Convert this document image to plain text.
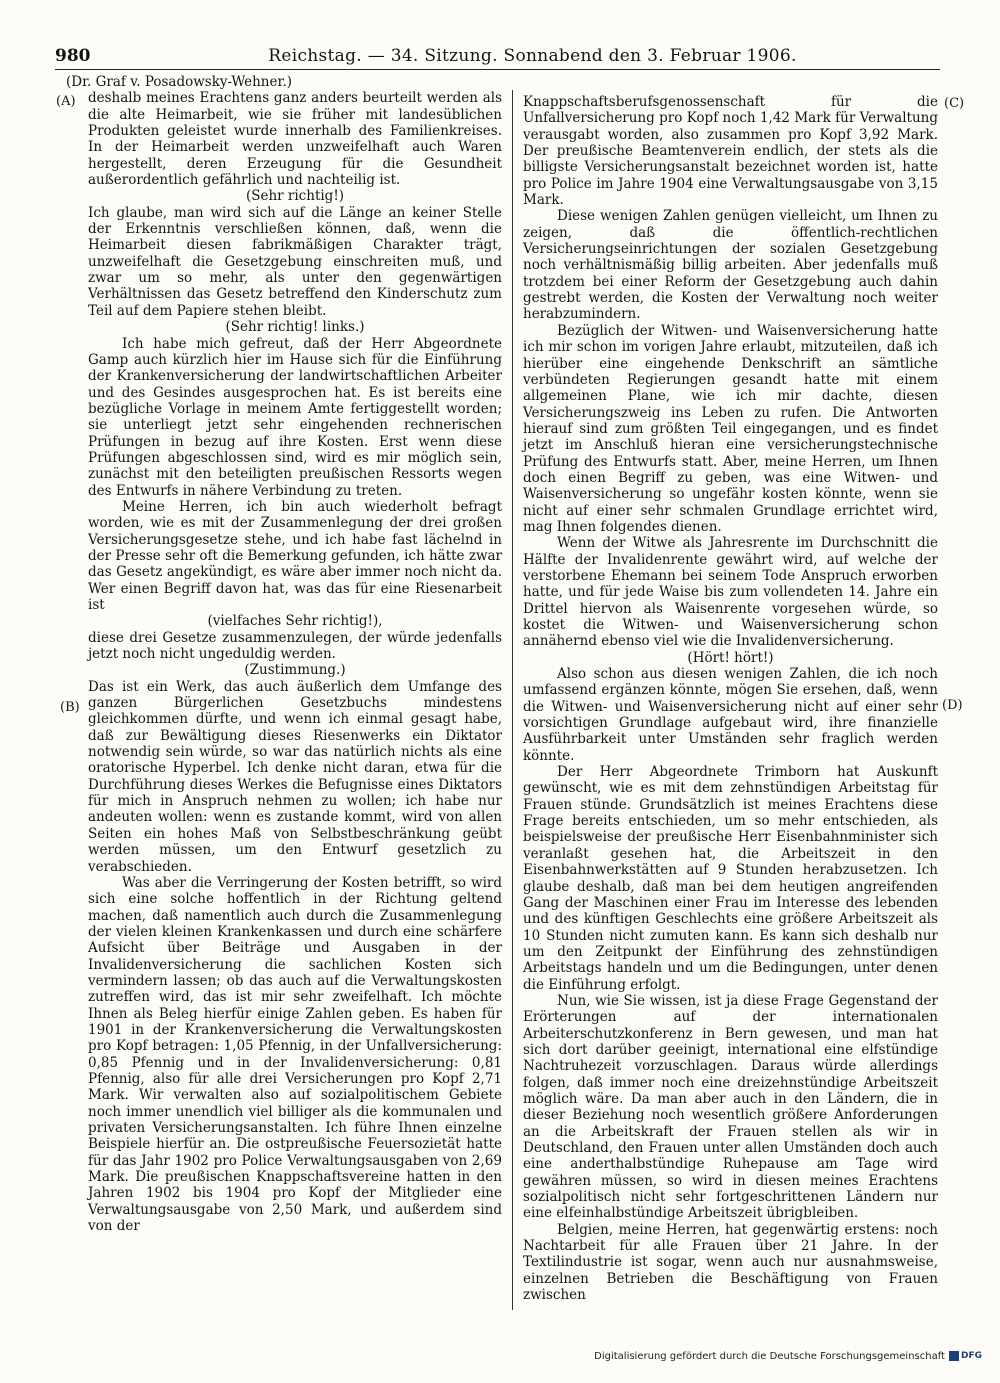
980	Reichstag. — 34. Sitzung. Sonnabend den 3. Februar 1906.
(A)
(B)
(C)
(D)

(Dr. Graf v. Posadowsky-Wehner.)

deshalb meines Erachtens ganz anders beurteilt werden als die alte Heimarbeit, wie sie früher mit landesüblichen Produkten geleistet wurde innerhalb des Familienkreises. In der Heimarbeit werden unzweifelhaft auch Waren hergestellt, deren Erzeugung für die Gesundheit außerordentlich gefährlich und nachteilig ist.

(Sehr richtig!)

Ich glaube, man wird sich auf die Länge an keiner Stelle der Erkenntnis verschließen können, daß, wenn die Heimarbeit diesen fabrikmäßigen Charakter trägt, unzweifelhaft die Gesetzgebung einschreiten muß, und zwar um so mehr, als unter den gegenwärtigen Verhältnissen das Gesetz betreffend den Kinderschutz zum Teil auf dem Papiere stehen bleibt.

(Sehr richtig! links.)

Ich habe mich gefreut, daß der Herr Abgeordnete Gamp auch kürzlich hier im Hause sich für die Einführung der Krankenversicherung der landwirtschaftlichen Arbeiter und des Gesindes ausgesprochen hat. Es ist bereits eine bezügliche Vorlage in meinem Amte fertiggestellt worden; sie unterliegt jetzt sehr eingehenden rechnerischen Prüfungen in bezug auf ihre Kosten. Erst wenn diese Prüfungen abgeschlossen sind, wird es mir möglich sein, zunächst mit den beteiligten preußischen Ressorts wegen des Entwurfs in nähere Verbindung zu treten.

Meine Herren, ich bin auch wiederholt befragt worden, wie es mit der Zusammenlegung der drei großen Versicherungsgesetze stehe, und ich habe fast lächelnd in der Presse sehr oft die Bemerkung gefunden, ich hätte zwar das Gesetz angekündigt, es wäre aber immer noch nicht da. Wer einen Begriff davon hat, was das für eine Riesenarbeit ist

(vielfaches Sehr richtig!),

diese drei Gesetze zusammenzulegen, der würde jedenfalls jetzt noch nicht ungeduldig werden.

(Zustimmung.)

Das ist ein Werk, das auch äußerlich dem Umfange des ganzen Bürgerlichen Gesetzbuchs mindestens gleichkommen dürfte, und wenn ich einmal gesagt habe, daß zur Bewältigung dieses Riesenwerks ein Diktator notwendig sein würde, so war das natürlich nichts als eine oratorische Hyperbel. Ich denke nicht daran, etwa für die Durchführung dieses Werkes die Befugnisse eines Diktators für mich in Anspruch nehmen zu wollen; ich habe nur andeuten wollen: wenn es zustande kommt, wird von allen Seiten ein hohes Maß von Selbstbeschränkung geübt werden müssen, um den Entwurf gesetzlich zu verabschieden.

Was aber die Verringerung der Kosten betrifft, so wird sich eine solche hoffentlich in der Richtung geltend machen, daß namentlich auch durch die Zusammenlegung der vielen kleinen Krankenkassen und durch eine schärfere Aufsicht über Beiträge und Ausgaben in der Invalidenversicherung die sachlichen Kosten sich vermindern lassen; ob das auch auf die Verwaltungskosten zutreffen wird, das ist mir sehr zweifelhaft. Ich möchte Ihnen als Beleg hierfür einige Zahlen geben. Es haben für 1901 in der Krankenversicherung die Verwaltungskosten pro Kopf betragen: 1,05 Pfennig, in der Unfallversicherung: 0,85 Pfennig und in der Invalidenversicherung: 0,81 Pfennig, also für alle drei Versicherungen pro Kopf 2,71 Mark. Wir verwalten also auf sozialpolitischem Gebiete noch immer unendlich viel billiger als die kommunalen und privaten Versicherungsanstalten. Ich führe Ihnen einzelne Beispiele hierfür an. Die ostpreußische Feuersozietät hatte für das Jahr 1902 pro Police Verwaltungsausgaben von 2,69 Mark. Die preußischen Knappschaftsvereine hatten in den Jahren 1902 bis 1904 pro Kopf der Mitglieder eine Verwaltungsausgabe von 2,50 Mark, und außerdem sind von der

Knappschaftsberufsgenossenschaft für die Unfallversicherung pro Kopf noch 1,42 Mark für Verwaltung verausgabt worden, also zusammen pro Kopf 3,92 Mark. Der preußische Beamtenverein endlich, der stets als die billigste Versicherungsanstalt bezeichnet worden ist, hatte pro Police im Jahre 1904 eine Verwaltungsausgabe von 3,15 Mark.

Diese wenigen Zahlen genügen vielleicht, um Ihnen zu zeigen, daß die öffentlich-rechtlichen Versicherungseinrichtungen der sozialen Gesetzgebung noch verhältnismäßig billig arbeiten. Aber jedenfalls muß trotzdem bei einer Reform der Gesetzgebung auch dahin gestrebt werden, die Kosten der Verwaltung noch weiter herabzumindern.

Bezüglich der Witwen- und Waisenversicherung hatte ich mir schon im vorigen Jahre erlaubt, mitzuteilen, daß ich hierüber eine eingehende Denkschrift an sämtliche verbündeten Regierungen gesandt hatte mit einem allgemeinen Plane, wie ich mir dachte, diesen Versicherungszweig ins Leben zu rufen. Die Antworten hierauf sind zum größten Teil eingegangen, und es findet jetzt im Anschluß hieran eine versicherungstechnische Prüfung des Entwurfs statt. Aber, meine Herren, um Ihnen doch einen Begriff zu geben, was eine Witwen- und Waisenversicherung so ungefähr kosten könnte, wenn sie nicht auf einer sehr schmalen Grundlage errichtet wird, mag Ihnen folgendes dienen.

Wenn der Witwe als Jahresrente im Durchschnitt die Hälfte der Invalidenrente gewährt wird, auf welche der verstorbene Ehemann bei seinem Tode Anspruch erworben hatte, und für jede Waise bis zum vollendeten 14. Jahre ein Drittel hiervon als Waisenrente vorgesehen würde, so kostet die Witwen- und Waisenversicherung schon annähernd ebenso viel wie die Invalidenversicherung.

(Hört! hört!)

Also schon aus diesen wenigen Zahlen, die ich noch umfassend ergänzen könnte, mögen Sie ersehen, daß, wenn die Witwen- und Waisenversicherung nicht auf einer sehr vorsichtigen Grundlage aufgebaut wird, ihre finanzielle Ausführbarkeit unter Umständen sehr fraglich werden könnte.

Der Herr Abgeordnete Trimborn hat Auskunft gewünscht, wie es mit dem zehnstündigen Arbeitstag für Frauen stünde. Grundsätzlich ist meines Erachtens diese Frage bereits entschieden, um so mehr entschieden, als beispielsweise der preußische Herr Eisenbahnminister sich veranlaßt gesehen hat, die Arbeitszeit in den Eisenbahnwerkstätten auf 9 Stunden herabzusetzen. Ich glaube deshalb, daß man bei dem heutigen angreifenden Gang der Maschinen einer Frau im Interesse des lebenden und des künftigen Geschlechts eine größere Arbeitszeit als 10 Stunden nicht zumuten kann. Es kann sich deshalb nur um den Zeitpunkt der Einführung des zehnstündigen Arbeitstags handeln und um die Bedingungen, unter denen die Einführung erfolgt.

Nun, wie Sie wissen, ist ja diese Frage Gegenstand der Erörterungen auf der internationalen Arbeiterschutzkonferenz in Bern gewesen, und man hat sich dort darüber geeinigt, international eine elfstündige Nachtruhezeit vorzuschlagen. Daraus würde allerdings folgen, daß immer noch eine dreizehnstündige Arbeitszeit möglich wäre. Da man aber auch in den Ländern, die in dieser Beziehung noch wesentlich größere Anforderungen an die Arbeitskraft der Frauen stellen als wir in Deutschland, den Frauen unter allen Umständen doch auch eine anderthalbstündige Ruhepause am Tage wird gewähren müssen, so wird in diesen meines Erachtens sozialpolitisch nicht sehr fortgeschrittenen Ländern nur eine elfeinhalbstündige Arbeitszeit übrigbleiben.

Belgien, meine Herren, hat gegenwärtig erstens: noch Nachtarbeit für alle Frauen über 21 Jahre. In der Textilindustrie ist sogar, wenn auch nur ausnahmsweise, einzelnen Betrieben die Beschäftigung von Frauen zwischen

Digitalisierung gefördert durch die Deutsche Forschungsgemeinschaft DFG
